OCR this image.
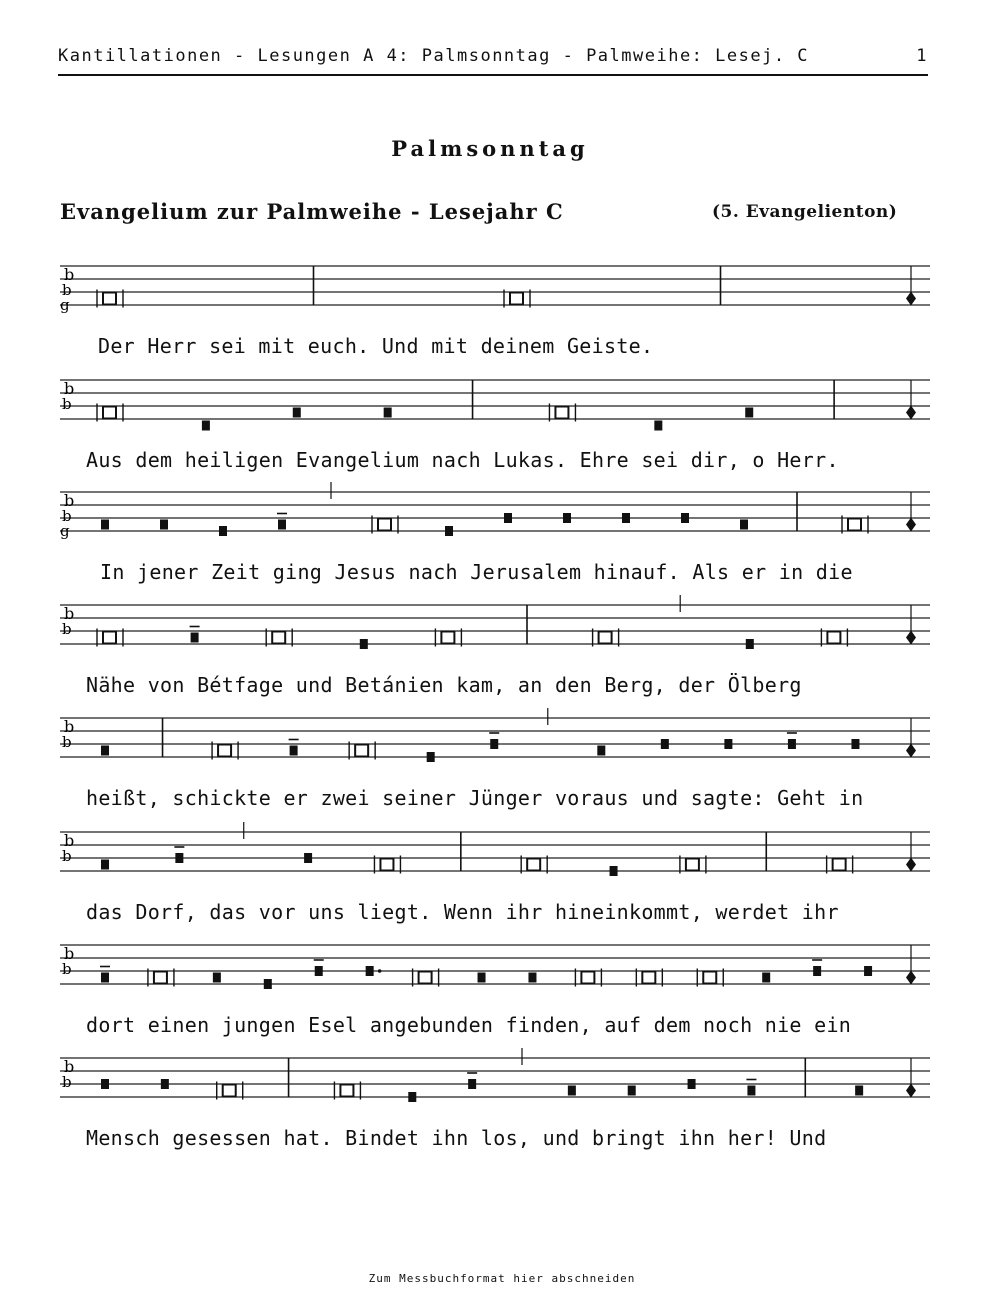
Kantillationen - Lesungen A 4: Palmsonntag - Palmweihe: Lesej. C	1
Palmsonntag
Evangelium zur Palmweihe - Lesejahr C	(5. Evangelienton)
b
b
g
b
b
b
b
g
b
b
b
b
b
b
b
b
b
b
Der Herr sei mit euch. Und mit deinem Geiste.
Aus dem heiligen Evangelium nach Lukas. Ehre sei dir, o Herr.
In jener Zeit ging Jesus nach Jerusalem hinauf. Als er in die
Nähe von Bétfage und Betánien kam, an den Berg, der Ölberg
heißt, schickte er zwei seiner Jünger voraus und sagte: Geht in
das Dorf, das vor uns liegt. Wenn ihr hineinkommt, werdet ihr
dort einen jungen Esel angebunden finden, auf dem noch nie ein
Mensch gesessen hat. Bindet ihn los, und bringt ihn her! Und
Zum Messbuchformat hier abschneiden
